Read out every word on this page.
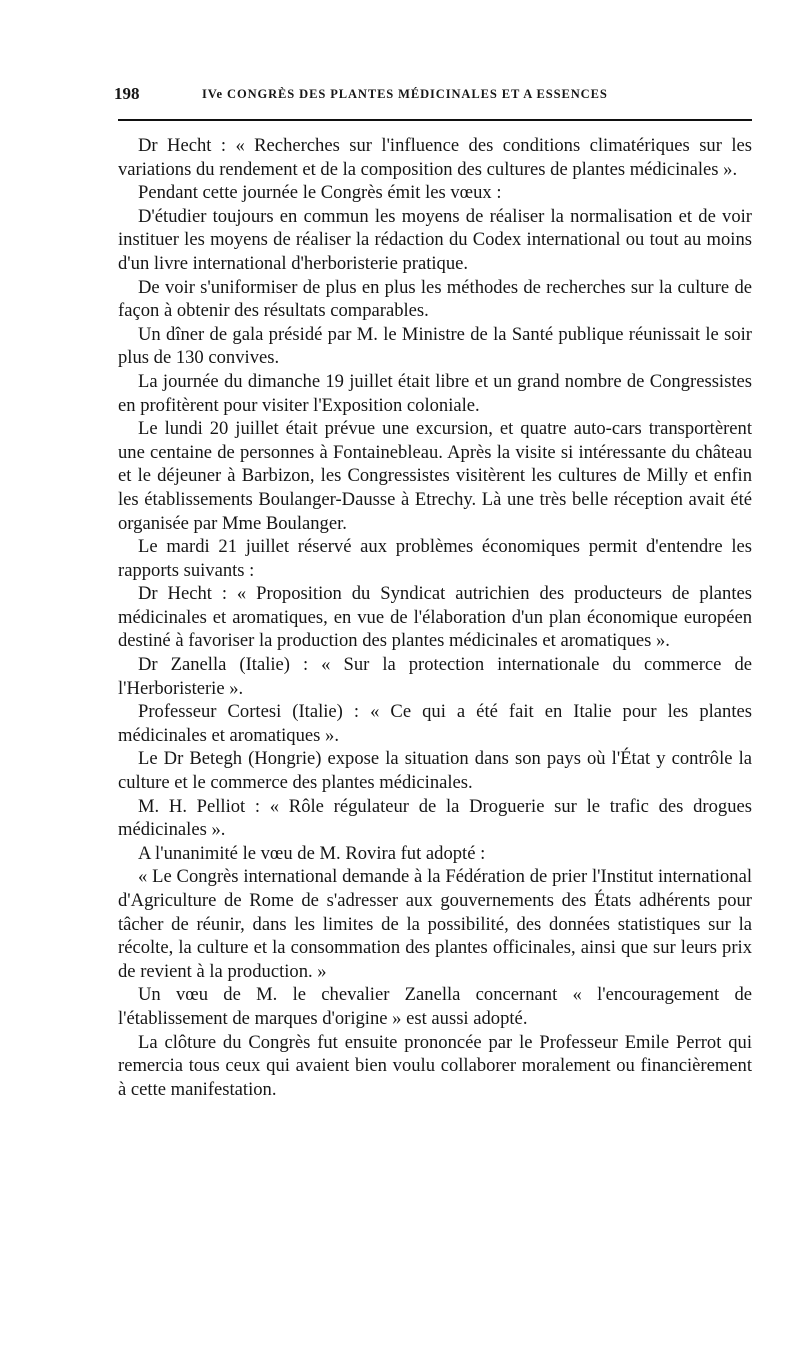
198	IVe CONGRÈS DES PLANTES MÉDICINALES ET A ESSENCES

Dr Hecht : « Recherches sur l'influence des conditions climatériques sur les variations du rendement et de la composition des cultures de plantes médicinales ».

Pendant cette journée le Congrès émit les vœux :

D'étudier toujours en commun les moyens de réaliser la normalisation et de voir instituer les moyens de réaliser la rédaction du Codex international ou tout au moins d'un livre international d'herboristerie pratique.

De voir s'uniformiser de plus en plus les méthodes de recherches sur la culture de façon à obtenir des résultats comparables.

Un dîner de gala présidé par M. le Ministre de la Santé publique réunissait le soir plus de 130 convives.

La journée du dimanche 19 juillet était libre et un grand nombre de Congressistes en profitèrent pour visiter l'Exposition coloniale.

Le lundi 20 juillet était prévue une excursion, et quatre auto-cars transportèrent une centaine de personnes à Fontainebleau. Après la visite si intéressante du château et le déjeuner à Barbizon, les Congressistes visitèrent les cultures de Milly et enfin les établissements Boulanger-Dausse à Etrechy. Là une très belle réception avait été organisée par Mme Boulanger.

Le mardi 21 juillet réservé aux problèmes économiques permit d'entendre les rapports suivants :

Dr Hecht : « Proposition du Syndicat autrichien des producteurs de plantes médicinales et aromatiques, en vue de l'élaboration d'un plan économique européen destiné à favoriser la production des plantes médicinales et aromatiques ».

Dr Zanella (Italie) : « Sur la protection internationale du commerce de l'Herboristerie ».

Professeur Cortesi (Italie) : « Ce qui a été fait en Italie pour les plantes médicinales et aromatiques ».

Le Dr Betegh (Hongrie) expose la situation dans son pays où l'État y contrôle la culture et le commerce des plantes médicinales.

M. H. Pelliot : « Rôle régulateur de la Droguerie sur le trafic des drogues médicinales ».

A l'unanimité le vœu de M. Rovira fut adopté :

« Le Congrès international demande à la Fédération de prier l'Institut international d'Agriculture de Rome de s'adresser aux gouvernements des États adhérents pour tâcher de réunir, dans les limites de la possibilité, des données statistiques sur la récolte, la culture et la consommation des plantes officinales, ainsi que sur leurs prix de revient à la production. »

Un vœu de M. le chevalier Zanella concernant « l'encouragement de l'établissement de marques d'origine » est aussi adopté.

La clôture du Congrès fut ensuite prononcée par le Professeur Emile Perrot qui remercia tous ceux qui avaient bien voulu collaborer moralement ou financièrement à cette manifestation.
